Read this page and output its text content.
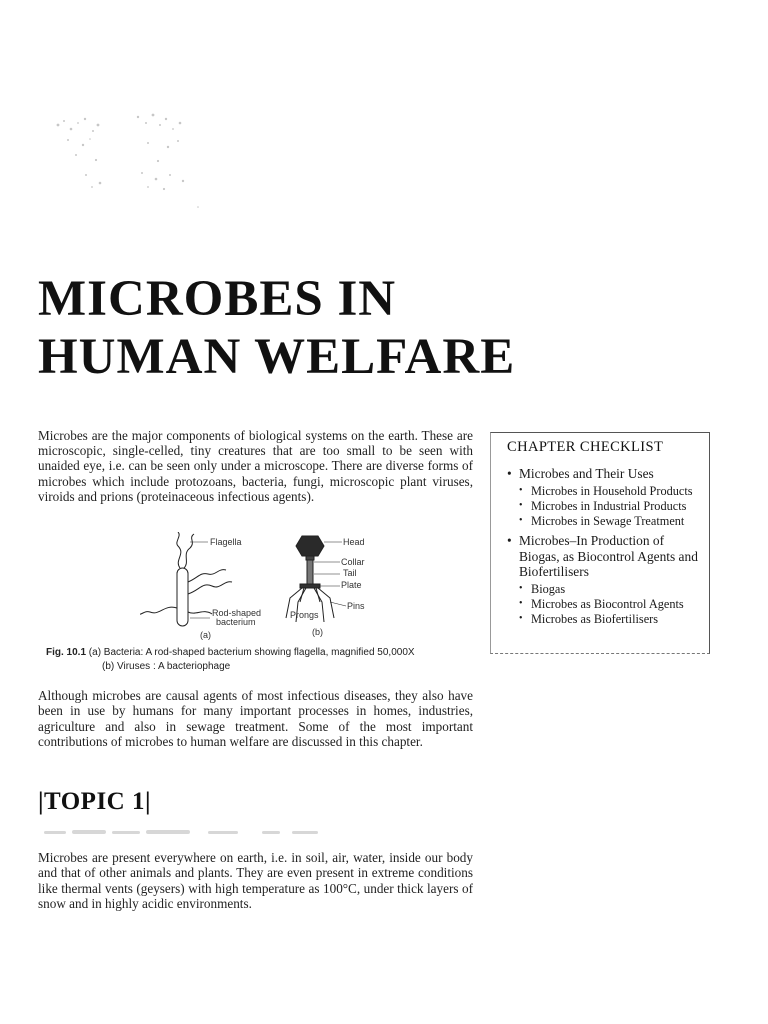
MICROBES IN
HUMAN WELFARE

Microbes are the major components of biological systems on the earth. These are microscopic, single-celled, tiny creatures that are too small to be seen with unaided eye, i.e. can be seen only under a microscope. There are diverse forms of microbes which include protozoans, bacteria, fungi, microscopic plant viruses, viroids and prions (proteinaceous infectious agents).

CHAPTER CHECKLIST
• Microbes and Their Uses
• Microbes in Household Products
• Microbes in Industrial Products
• Microbes in Sewage Treatment
• Microbes–In Production of Biogas, as Biocontrol Agents and Biofertilisers
• Biogas
• Microbes as Biocontrol Agents
• Microbes as Biofertilisers
Flagella
Rod-shaped
bacterium
(a)
Head
Collar
Tail
Plate
Pins
Prongs
(b)
Fig. 10.1 (a) Bacteria: A rod-shaped bacterium showing flagella, magnified 50,000X
(b) Viruses : A bacteriophage

Although microbes are causal agents of most infectious diseases, they also have been in use by humans for many important processes in homes, industries, agriculture and also in sewage treatment. Some of the most important contributions of microbes to human welfare are discussed in this chapter.

|TOPIC 1|

Microbes are present everywhere on earth, i.e. in soil, air, water, inside our body and that of other animals and plants. They are even present in extreme conditions like thermal vents (geysers) with high temperature as 100°C, under thick layers of snow and in highly acidic environments.
